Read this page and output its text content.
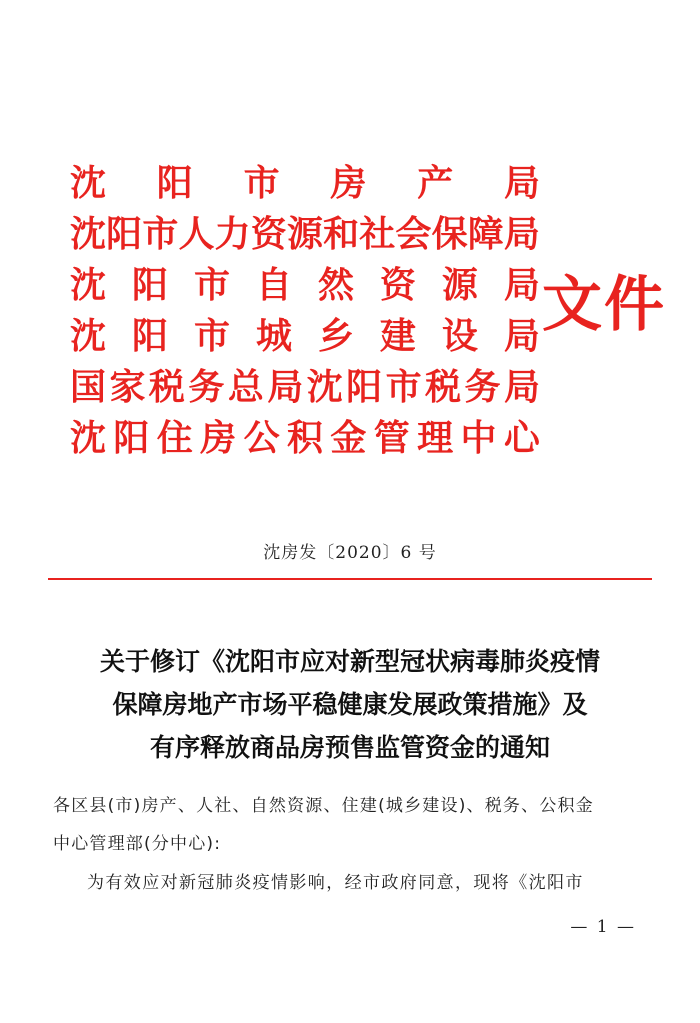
沈 阳 市 房 产 局
沈 阳 市 人 力 资 源 和 社 会 保 障 局
沈 阳 市 自 然 资 源 局
沈 阳 市 城 乡 建 设 局
国 家 税 务 总 局 沈 阳 市 税 务 局
沈 阳 住 房 公 积 金 管 理 中 心
文件
沈房发〔2020〕6 号
关于修订《沈阳市应对新型冠状病毒肺炎疫情
保障房地产市场平稳健康发展政策措施》及
有序释放商品房预售监管资金的通知
各区县(市)房产、人社、自然资源、住建(城乡建设)、税务、公积金
中心管理部(分中心):
为有效应对新冠肺炎疫情影响，经市政府同意，现将《沈阳市
— 1 —
